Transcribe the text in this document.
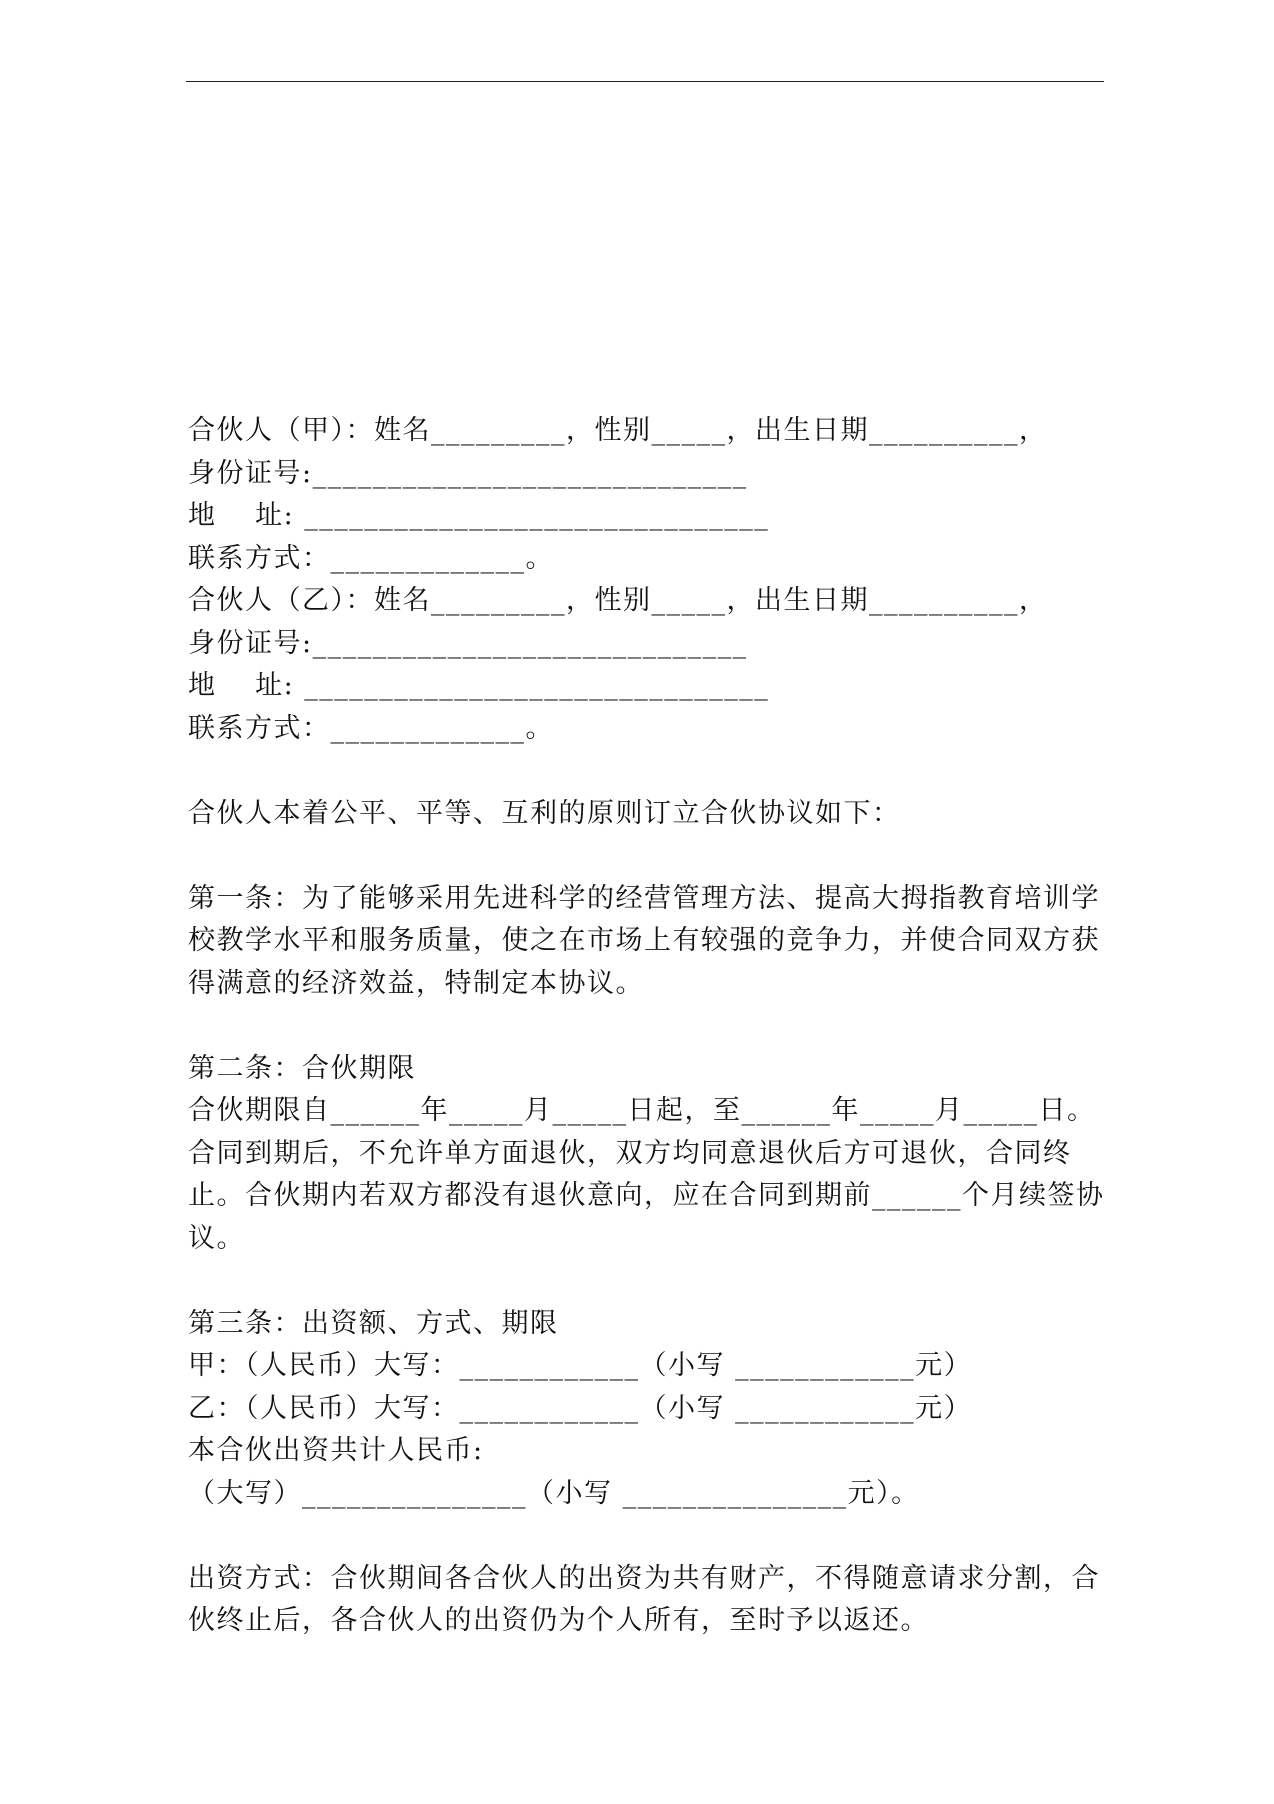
合伙人（甲）：姓名_________，性别_____，出生日期__________，

身份证号:_____________________________

地　 址: _______________________________

联系方式：_____________。

合伙人（乙）：姓名_________，性别_____，出生日期__________，

身份证号:_____________________________

地　 址: _______________________________

联系方式：_____________。

合伙人本着公平、平等、互利的原则订立合伙协议如下：

第一条：为了能够采用先进科学的经营管理方法、提高大拇指教育培训学校教学水平和服务质量，使之在市场上有较强的竞争力，并使合同双方获得满意的经济效益，特制定本协议。

第二条：合伙期限

合伙期限自______年_____月_____日起，至______年_____月_____日。

合同到期后，不允许单方面退伙，双方均同意退伙后方可退伙，合同终止。合伙期内若双方都没有退伙意向，应在合同到期前______个月续签协议。

第三条：出资额、方式、期限

甲：（人民币）大写：____________（小写 ____________元）

乙：（人民币）大写：____________（小写 ____________元）

本合伙出资共计人民币:

（大写）_______________（小写 _______________元）。

出资方式：合伙期间各合伙人的出资为共有财产，不得随意请求分割，合伙终止后，各合伙人的出资仍为个人所有，至时予以返还。
